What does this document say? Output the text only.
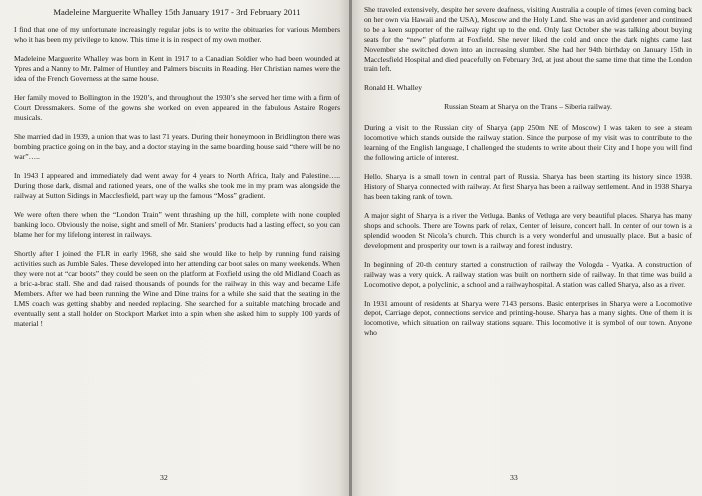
Madeleine Marguerite Whalley 15th January 1917 - 3rd February 2011

I find that one of my unfortunate increasingly regular jobs is to write the obituaries for various Members who it has been my privilege to know. This time it is in respect of my own mother.

Madeleine Marguerite Whalley was born in Kent in 1917 to a Canadian Soldier who had been wounded at Ypres and a Nanny to Mr. Palmer of Huntley and Palmers biscuits in Reading. Her Christian names were the idea of the French Governess at the same house.

Her family moved to Bollington in the 1920’s, and throughout the 1930’s she served her time with a firm of Court Dressmakers. Some of the gowns she worked on even appeared in the fabulous Astaire Rogers musicals.

She married dad in 1939, a union that was to last 71 years. During their honeymoon in Bridlington there was bombing practice going on in the bay, and a doctor staying in the same boarding house said “there will be no war”…..

In 1943 I appeared and immediately dad went away for 4 years to North Africa, Italy and Palestine….. During those dark, dismal and rationed years, one of the walks she took me in my pram was alongside the railway at Sutton Sidings in Macclesfield, part way up the famous “Moss” gradient.

We were often there when the “London Train” went thrashing up the hill, complete with none coupled banking loco. Obviously the noise, sight and smell of Mr. Staniers’ products had a lasting effect, so you can blame her for my lifelong interest in railways.

Shortly after I joined the FLR in early 1968, she said she would like to help by running fund raising activities such as Jumble Sales. These developed into her attending car boot sales on many weekends. When they were not at “car boots” they could be seen on the platform at Foxfield using the old Midland Coach as a bric-a-brac stall. She and dad raised thousands of pounds for the railway in this way and became Life Members. After we had been running the Wine and Dine trains for a while she said that the seating in the LMS coach was getting shabby and needed replacing. She searched for a suitable matching brocade and eventually sent a stall holder on Stockport Market into a spin when she asked him to supply 100 yards of material !

32

She traveled extensively, despite her severe deafness, visiting Australia a couple of times (even coming back on her own via Hawaii and the USA), Moscow and the Holy Land. She was an avid gardener and continued to be a keen supporter of the railway right up to the end. Only last October she was talking about buying seats for the “new” platform at Foxfield. She never liked the cold and once the dark nights came last November she switched down into an increasing slumber. She had her 94th birthday on January 15th in Macclesfield Hospital and died peacefully on February 3rd, at just about the same time that time the London train left.

Ronald H. Whalley
Russian Steam at Sharya on the Trans – Siberia railway.

During a visit to the Russian city of Sharya (app 250m NE of Moscow) I was taken to see a steam locomotive which stands outside the railway station. Since the purpose of my visit was to contribute to the learning of the English language, I challenged the students to write about their City and I hope you will find the following article of interest.

Hello. Sharya is a small town in central part of Russia. Sharya has been starting its history since 1938. History of Sharya connected with railway. At first Sharya has been a railway settlement. And in 1938 Sharya has been taking rank of town.

A major sight of Sharya is a river the Vetluga. Banks of Vetluga are very beautiful places. Sharya has many shops and schools. There are Towns park of relax, Center of leisure, concert hall. In center of our town is a splendid wooden St Nicola’s church. This church is a very wonderful and unusually place. But a basic of development and prosperity our town is a railway and forest industry.

In beginning of 20-th century started a construction of railway the Vologda - Vyatka. A construction of railway was a very quick. A railway station was built on northern side of railway. In that time was build a Locomotive depot, a polyclinic, a school and a railwayhospital. A station was called Sharya, also as a river.

In 1931 amount of residents at Sharya were 7143 persons. Basic enterprises in Sharya were a Locomotive depot, Carriage depot, connections service and printing-house. Sharya has a many sights. One of them it is locomotive, which situation on railway stations square. This locomotive it is symbol of our town. Anyone who

33
